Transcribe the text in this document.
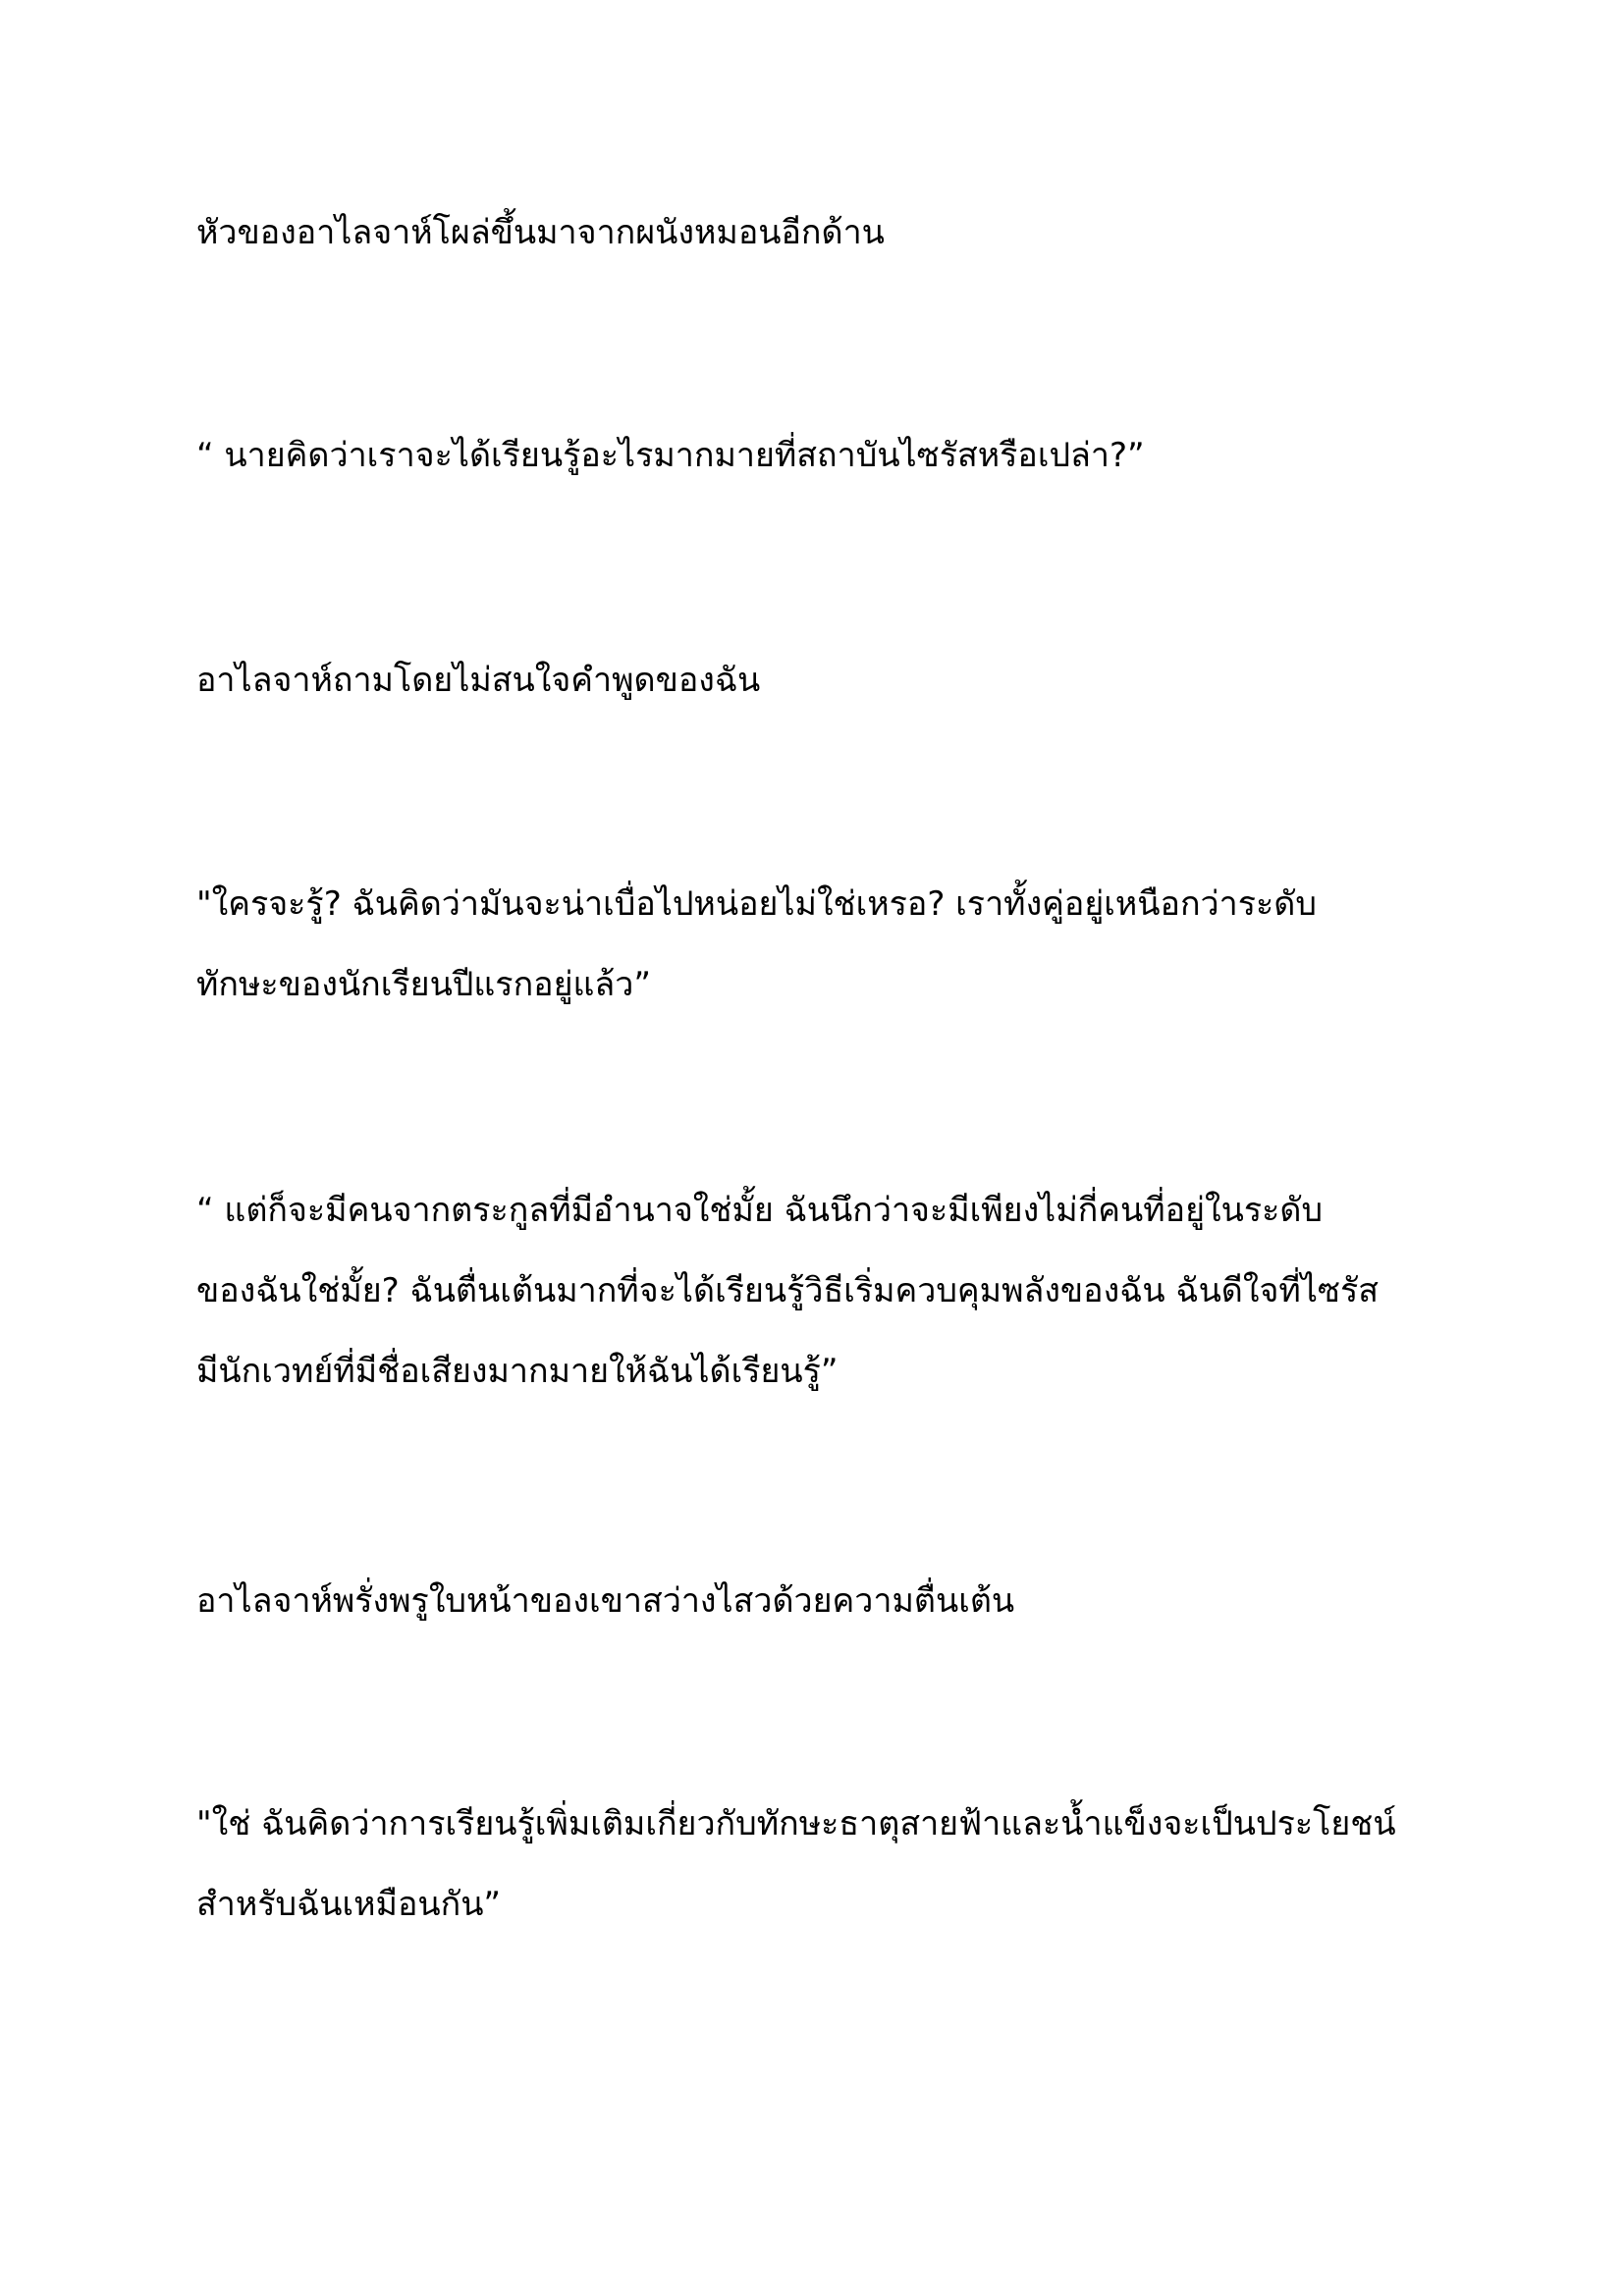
หัวของอาไลจาห์โผล่ขึ้นมาจากผนังหมอนอีกด้าน

“ นายคิดว่าเราจะได้เรียนรู้อะไรมากมายที่สถาบันไซรัสหรือเปล่า?”

อาไลจาห์ถามโดยไม่สนใจคำพูดของฉัน

"ใครจะรู้? ฉันคิดว่ามันจะน่าเบื่อไปหน่อยไม่ใช่เหรอ? เราทั้งคู่อยู่เหนือกว่าระดับ
ทักษะของนักเรียนปีแรกอยู่แล้ว”

“ แต่ก็จะมีคนจากตระกูลที่มีอำนาจใช่มั้ย ฉันนึกว่าจะมีเพียงไม่กี่คนที่อยู่ในระดับ
ของฉันใช่มั้ย? ฉันตื่นเต้นมากที่จะได้เรียนรู้วิธีเริ่มควบคุมพลังของฉัน ฉันดีใจที่ไซรัส
มีนักเวทย์ที่มีชื่อเสียงมากมายให้ฉันได้เรียนรู้”

อาไลจาห์พรั่งพรูใบหน้าของเขาสว่างไสวด้วยความตื่นเต้น

"ใช่ ฉันคิดว่าการเรียนรู้เพิ่มเติมเกี่ยวกับทักษะธาตุสายฟ้าและน้ำแข็งจะเป็นประโยชน์
สำหรับฉันเหมือนกัน”
